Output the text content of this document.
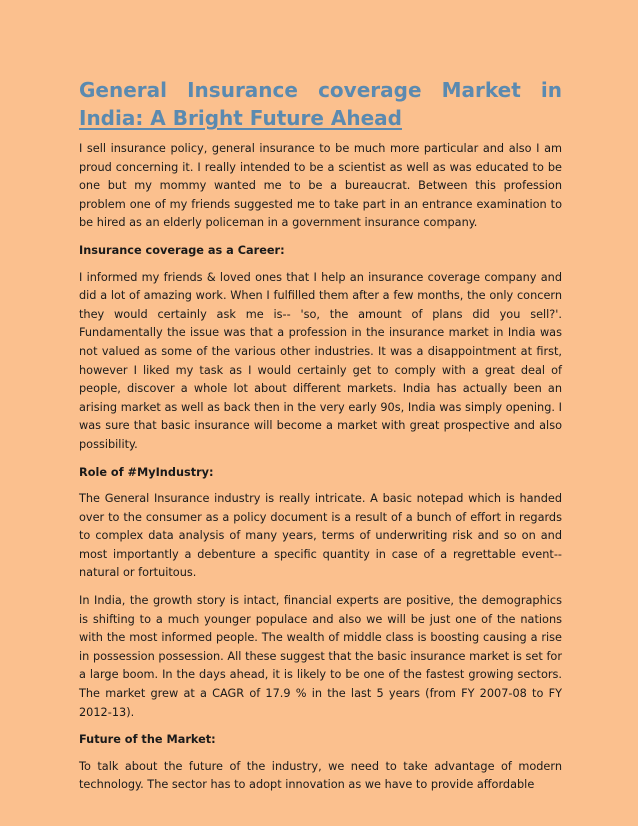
General Insurance coverage Market in
India: A Bright Future Ahead

I sell insurance policy, general insurance to be much more particular and also I am proud concerning it. I really intended to be a scientist as well as was educated to be one but my mommy wanted me to be a bureaucrat. Between this profession problem one of my friends suggested me to take part in an entrance examination to be hired as an elderly policeman in a government insurance company.

Insurance coverage as a Career:

I informed my friends & loved ones that I help an insurance coverage company and did a lot of amazing work. When I fulfilled them after a few months, the only concern they would certainly ask me is-- 'so, the amount of plans did you sell?'. Fundamentally the issue was that a profession in the insurance market in India was not valued as some of the various other industries. It was a disappointment at first, however I liked my task as I would certainly get to comply with a great deal of people, discover a whole lot about different markets. India has actually been an arising market as well as back then in the very early 90s, India was simply opening. I was sure that basic insurance will become a market with great prospective and also possibility.

Role of #MyIndustry:

The General Insurance industry is really intricate. A basic notepad which is handed over to the consumer as a policy document is a result of a bunch of effort in regards to complex data analysis of many years, terms of underwriting risk and so on and most importantly a debenture a specific quantity in case of a regrettable event-- natural or fortuitous.

In India, the growth story is intact, financial experts are positive, the demographics is shifting to a much younger populace and also we will be just one of the nations with the most informed people. The wealth of middle class is boosting causing a rise in possession possession. All these suggest that the basic insurance market is set for a large boom. In the days ahead, it is likely to be one of the fastest growing sectors. The market grew at a CAGR of 17.9 % in the last 5 years (from FY 2007-08 to FY 2012-13).

Future of the Market:

To talk about the future of the industry, we need to take advantage of modern technology. The sector has to adopt innovation as we have to provide affordable
